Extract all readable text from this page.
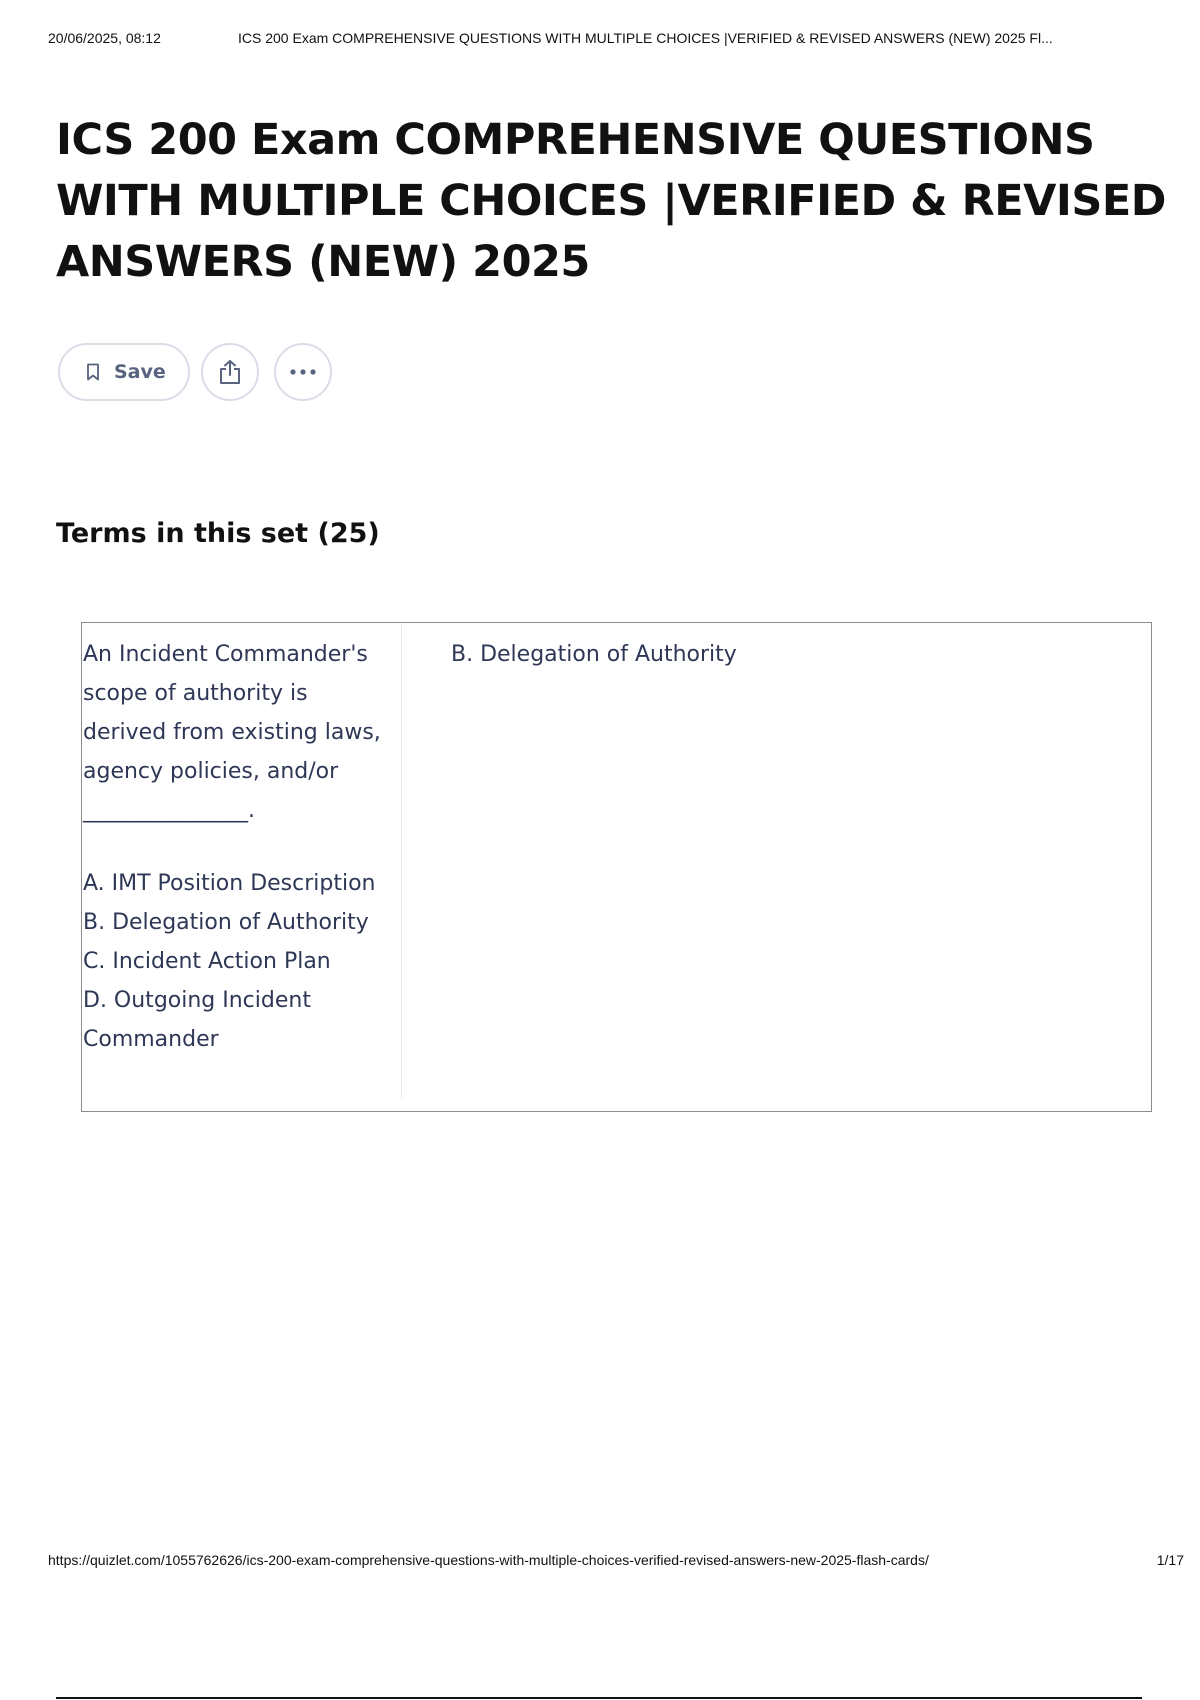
20/06/2025, 08:12	ICS 200 Exam COMPREHENSIVE QUESTIONS WITH MULTIPLE CHOICES |VERIFIED & REVISED ANSWERS (NEW) 2025 Fl...
ICS 200 Exam COMPREHENSIVE QUESTIONS WITH MULTIPLE CHOICES |VERIFIED & REVISED ANSWERS (NEW) 2025
Save
Terms in this set (25)
An Incident Commander's scope of authority is derived from existing laws, agency policies, and/or
_______________.
A. IMT Position Description
B. Delegation of Authority
C. Incident Action Plan
D. Outgoing Incident Commander
B. Delegation of Authority
https://quizlet.com/1055762626/ics-200-exam-comprehensive-questions-with-multiple-choices-verified-revised-answers-new-2025-flash-cards/	1/17
